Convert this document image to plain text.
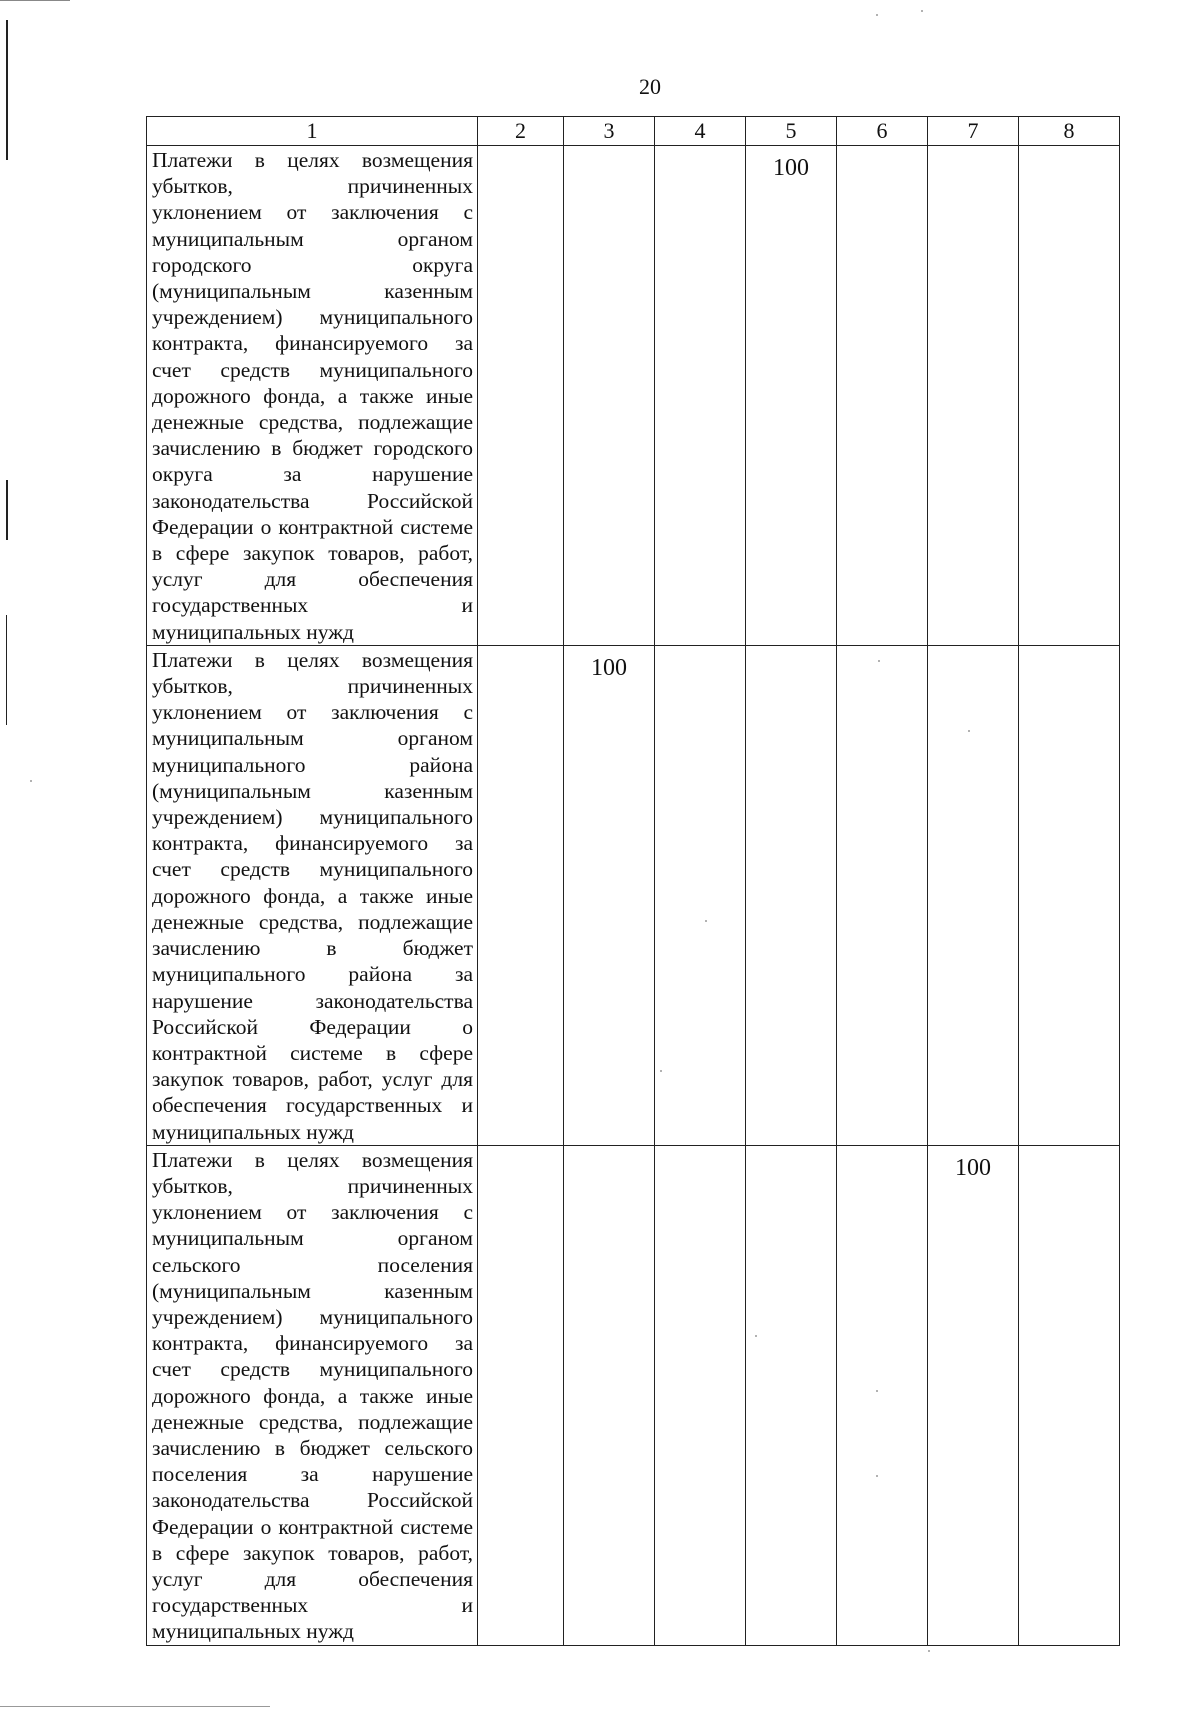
20
1	2	3	4	5	6	7	8
Платежи в целях возмещения убытков, причиненных уклонением от заключения с муниципальным органом городского округа (муниципальным казенным учреждением) муниципального контракта, финансируемого за счет средств муниципального дорожного фонда, а также иные денежные средства, подлежащие зачислению в бюджет городского округа за нарушение законодательства Российской Федерации о контрактной системе в сфере закупок товаров, работ, услуг для обеспечения государственных и муниципальных нужд				100			
Платежи в целях возмещения убытков, причиненных уклонением от заключения с муниципальным органом муниципального района (муниципальным казенным учреждением) муниципального контракта, финансируемого за счет средств муниципального дорожного фонда, а также иные денежные средства, подлежащие зачислению в бюджет муниципального района за нарушение законодательства Российской Федерации о контрактной системе в сфере закупок товаров, работ, услуг для обеспечения государственных и муниципальных нужд		100					
Платежи в целях возмещения убытков, причиненных уклонением от заключения с муниципальным органом сельского поселения (муниципальным казенным учреждением) муниципального контракта, финансируемого за счет средств муниципального дорожного фонда, а также иные денежные средства, подлежащие зачислению в бюджет сельского поселения за нарушение законодательства Российской Федерации о контрактной системе в сфере закупок товаров, работ, услуг для обеспечения государственных и муниципальных нужд						100	
